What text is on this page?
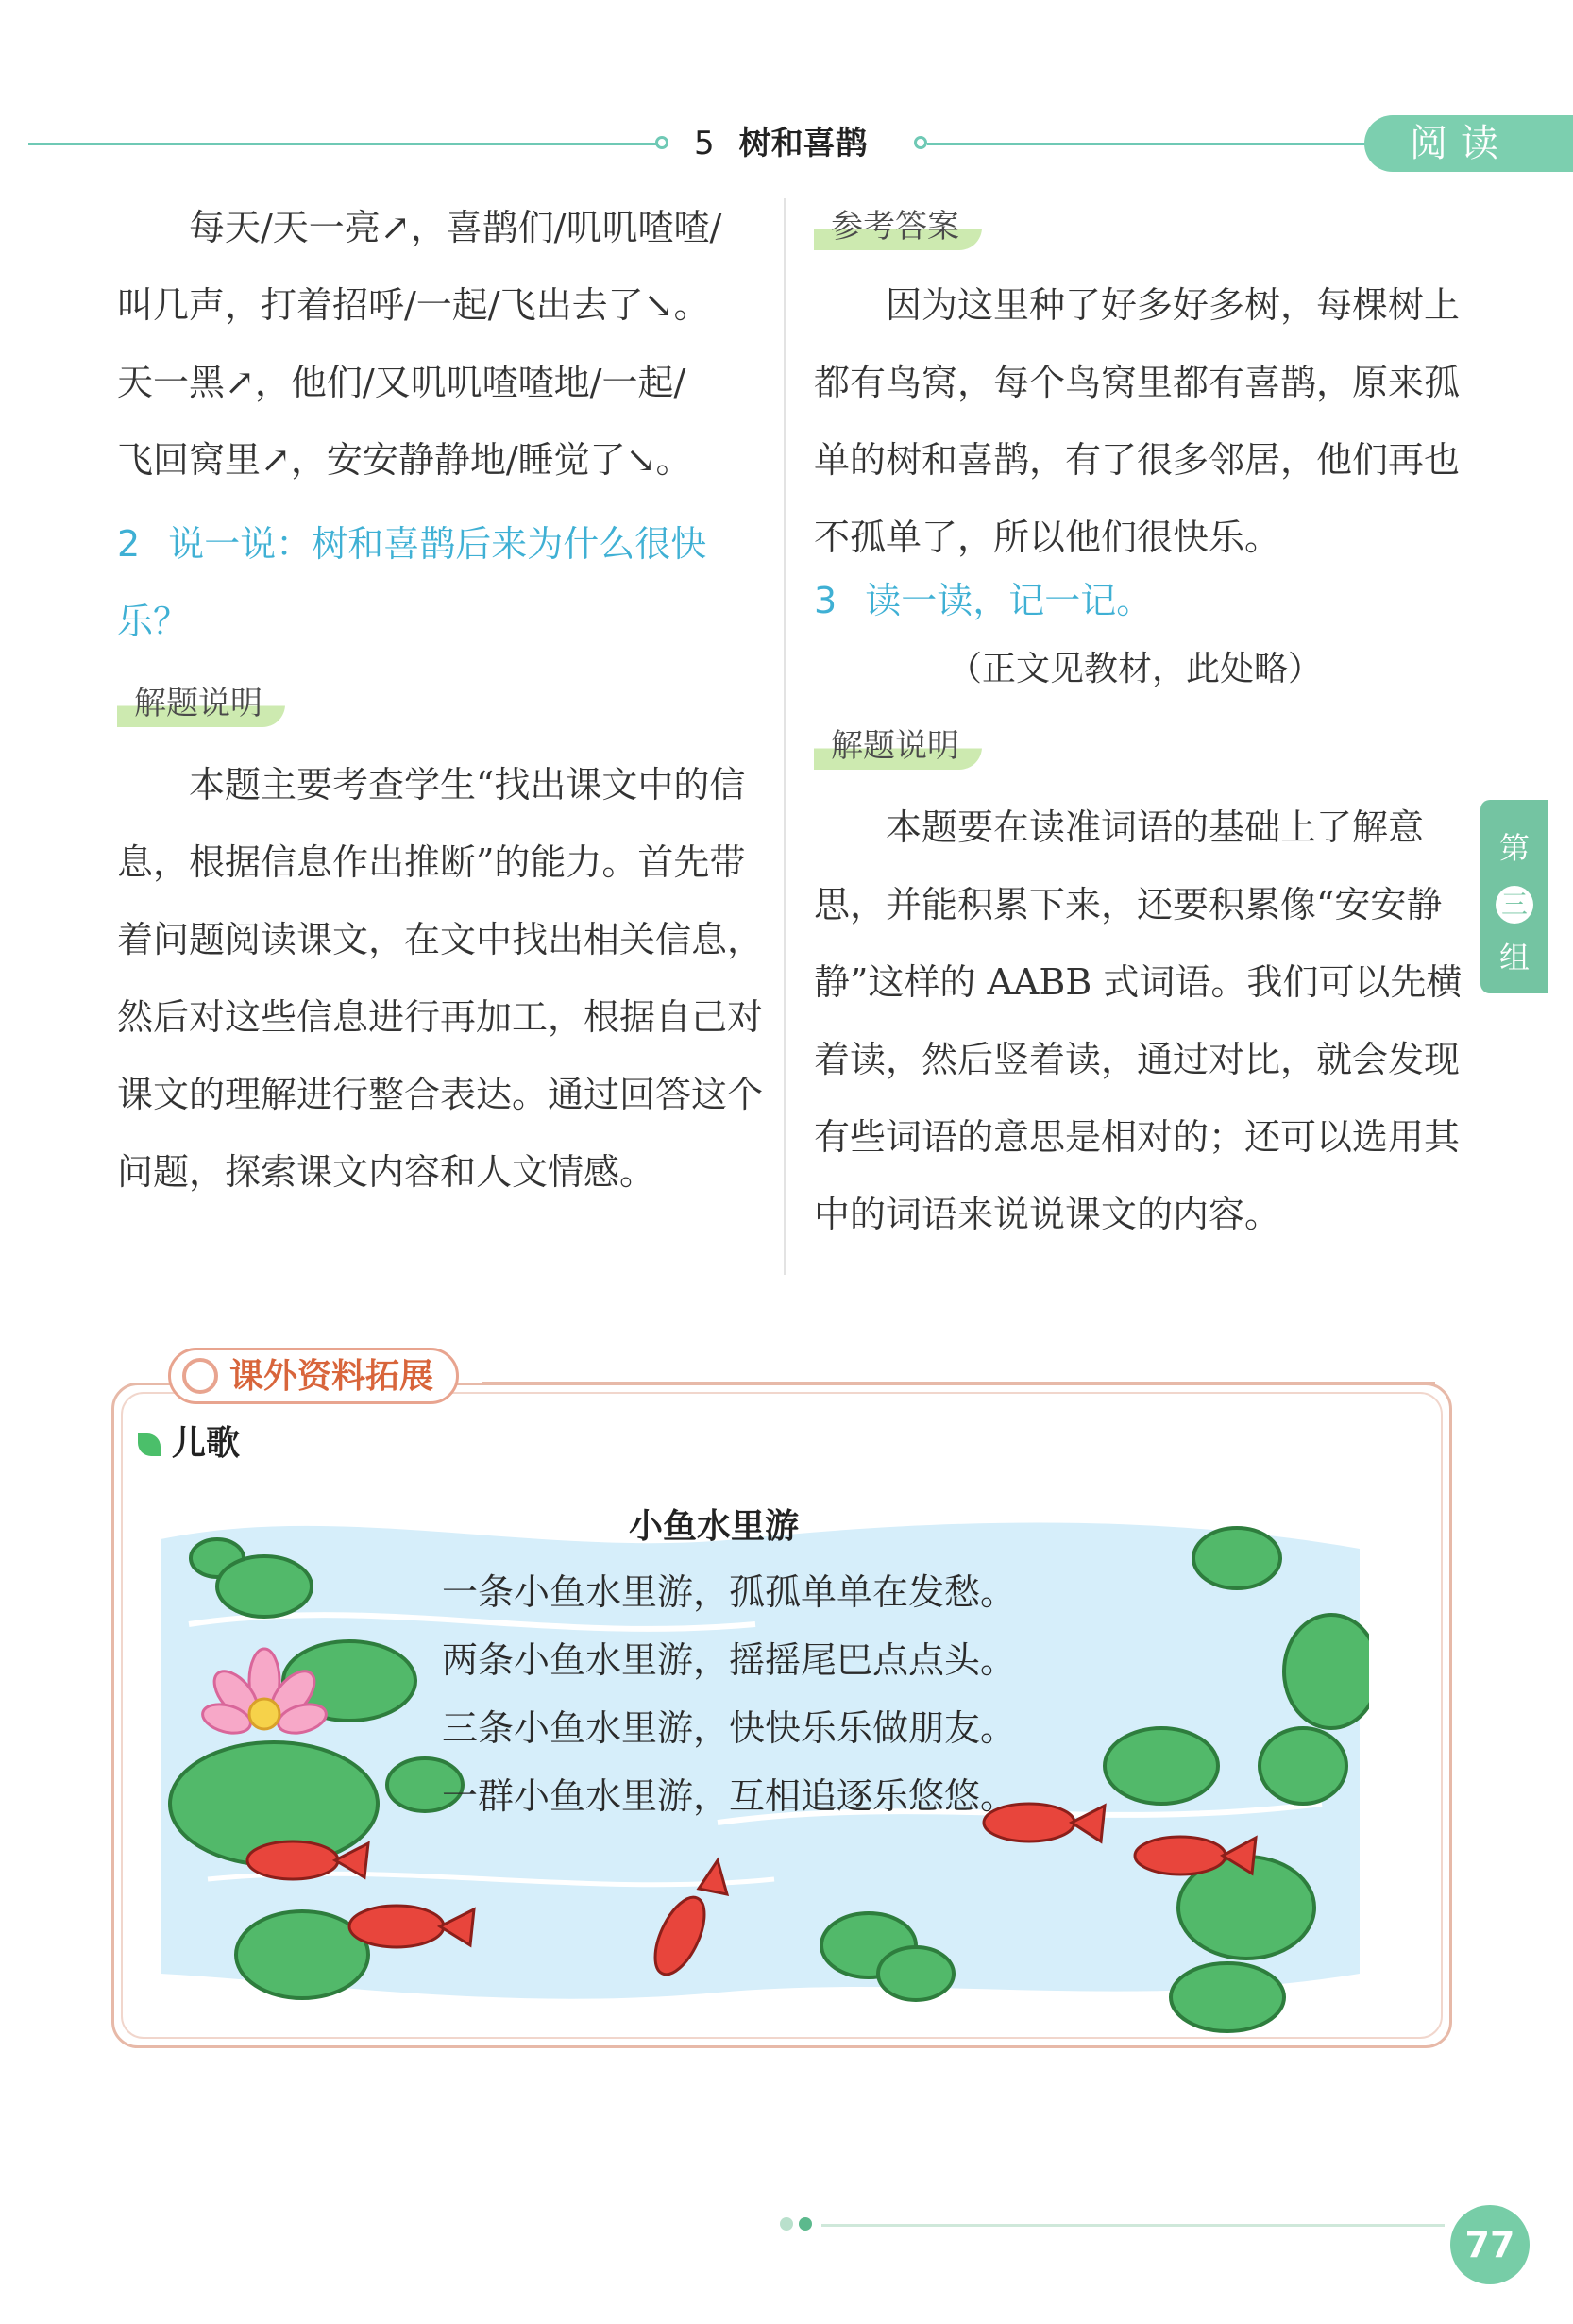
5 树和喜鹊	阅读
每天/天一亮↗，喜鹊们/叽叽喳喳/
叫几声，打着招呼/一起/飞出去了↘。
天一黑↗，他们/又叽叽喳喳地/一起/
飞回窝里↗，安安静静地/睡觉了↘。
2 说一说：树和喜鹊后来为什么很快乐？
解题说明
本题主要考查学生“找出课文中的信息，根据信息作出推断”的能力。首先带着问题阅读课文，在文中找出相关信息，然后对这些信息进行再加工，根据自己对课文的理解进行整合表达。通过回答这个问题，探索课文内容和人文情感。
参考答案
因为这里种了好多好多树，每棵树上都有鸟窝，每个鸟窝里都有喜鹊，原来孤单的树和喜鹊，有了很多邻居，他们再也不孤单了，所以他们很快乐。
3 读一读，记一记。
（正文见教材，此处略）
解题说明
本题要在读准词语的基础上了解意思，并能积累下来，还要积累像“安安静静”这样的 AABB 式词语。我们可以先横着读，然后竖着读，通过对比，就会发现有些词语的意思是相对的；还可以选用其中的词语来说说课文的内容。
第
三
组
课外资料拓展
儿歌
小鱼水里游
一条小鱼水里游，孤孤单单在发愁。
两条小鱼水里游，摇摇尾巴点点头。
三条小鱼水里游，快快乐乐做朋友。
一群小鱼水里游，互相追逐乐悠悠。
77
